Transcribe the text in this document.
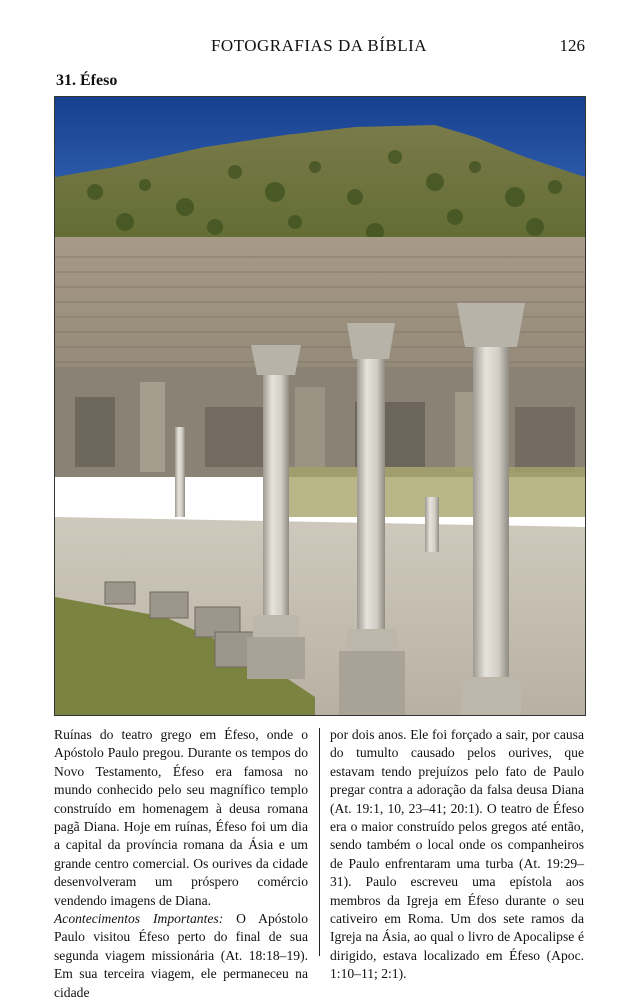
FOTOGRAFIAS DA BÍBLIA	126
31. Éfeso

Ruínas do teatro grego em Éfeso, onde o Apóstolo Paulo pregou. Durante os tempos do Novo Testamento, Éfeso era famosa no mundo conhecido pelo seu magnífico templo construído em homenagem à deusa romana pagã Diana. Hoje em ruínas, Éfeso foi um dia a capital da província romana da Ásia e um grande centro comercial. Os ourives da cidade desenvolveram um próspero comércio vendendo imagens de Diana.

Acontecimentos Importantes: O Apóstolo Paulo visitou Éfeso perto do final de sua segunda viagem missionária (At. 18:18–19). Em sua terceira viagem, ele permaneceu na cidade

por dois anos. Ele foi forçado a sair, por causa do tumulto causado pelos ourives, que estavam tendo prejuízos pelo fato de Paulo pregar contra a adoração da falsa deusa Diana (At. 19:1, 10, 23–41; 20:1). O teatro de Éfeso era o maior construído pelos gregos até então, sendo também o local onde os companheiros de Paulo enfrentaram uma turba (At. 19:29–31). Paulo escreveu uma epístola aos membros da Igreja em Éfeso durante o seu cativeiro em Roma. Um dos sete ramos da Igreja na Ásia, ao qual o livro de Apocalipse é dirigido, estava localizado em Éfeso (Apoc. 1:10–11; 2:1).
